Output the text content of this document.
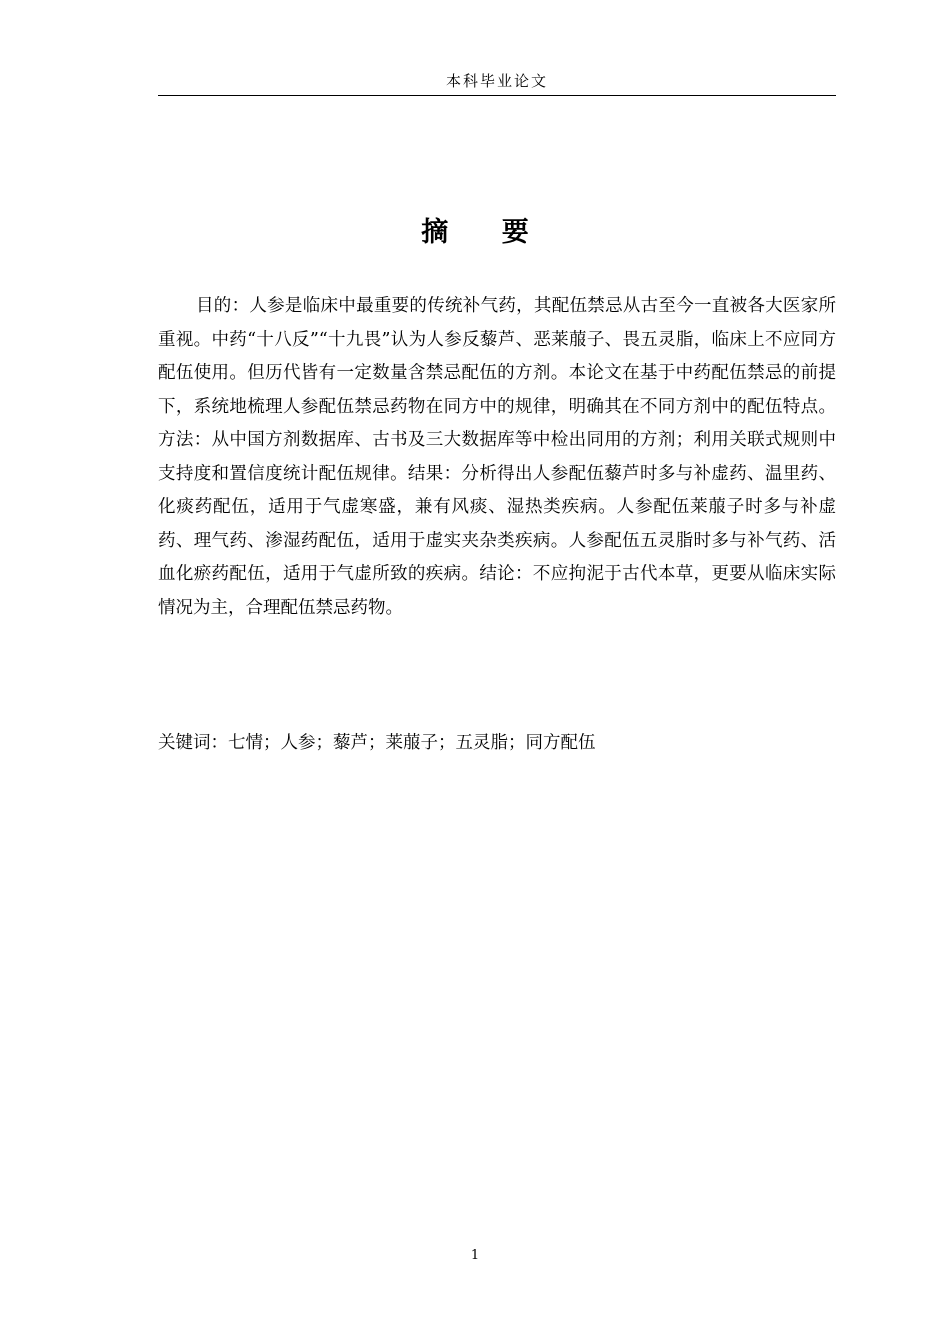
本科毕业论文
摘 要

目的：人参是临床中最重要的传统补气药，其配伍禁忌从古至今一直被各大医家所重视。中药“十八反”“十九畏”认为人参反藜芦、恶莱菔子、畏五灵脂，临床上不应同方配伍使用。但历代皆有一定数量含禁忌配伍的方剂。本论文在基于中药配伍禁忌的前提下，系统地梳理人参配伍禁忌药物在同方中的规律，明确其在不同方剂中的配伍特点。方法：从中国方剂数据库、古书及三大数据库等中检出同用的方剂；利用关联式规则中支持度和置信度统计配伍规律。结果：分析得出人参配伍藜芦时多与补虚药、温里药、化痰药配伍，适用于气虚寒盛，兼有风痰、湿热类疾病。人参配伍莱菔子时多与补虚药、理气药、渗湿药配伍，适用于虚实夹杂类疾病。人参配伍五灵脂时多与补气药、活血化瘀药配伍，适用于气虚所致的疾病。结论：不应拘泥于古代本草，更要从临床实际情况为主，合理配伍禁忌药物。

关键词：七情；人参；藜芦；莱菔子；五灵脂；同方配伍
1
